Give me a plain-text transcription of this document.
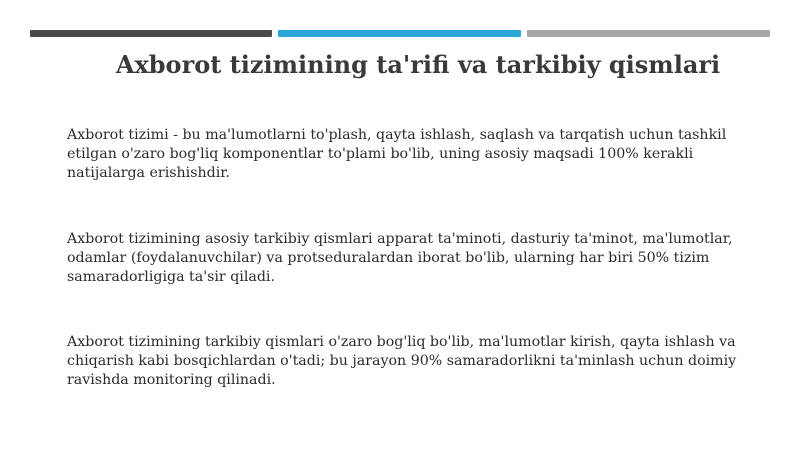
Axborot tizimining ta'rifi va tarkibiy qismlari

Axborot tizimi - bu ma'lumotlarni to'plash, qayta ishlash, saqlash va tarqatish uchun tashkil etilgan o'zaro bog'liq komponentlar to'plami bo'lib, uning asosiy maqsadi 100% kerakli natijalarga erishishdir.

Axborot tizimining asosiy tarkibiy qismlari apparat ta'minoti, dasturiy ta'minot, ma'lumotlar, odamlar (foydalanuvchilar) va protseduralardan iborat bo'lib, ularning har biri 50% tizim samaradorligiga ta'sir qiladi.

Axborot tizimining tarkibiy qismlari o'zaro bog'liq bo'lib, ma'lumotlar kirish, qayta ishlash va chiqarish kabi bosqichlardan o'tadi; bu jarayon 90% samaradorlikni ta'minlash uchun doimiy ravishda monitoring qilinadi.
